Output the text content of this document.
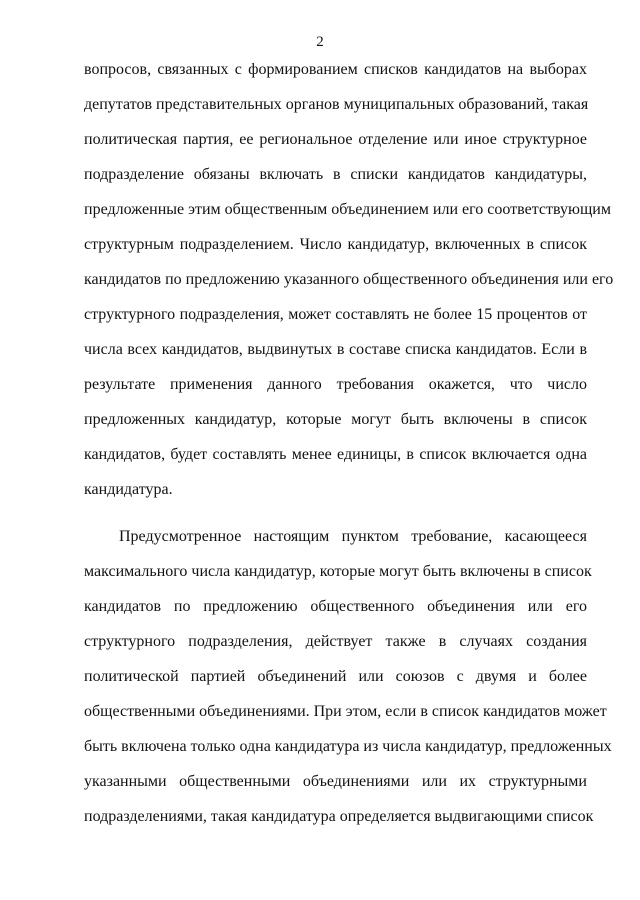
2
вопросов, связанных с формированием списков кандидатов на выборах
депутатов представительных органов муниципальных образований, такая
политическая партия, ее региональное отделение или иное структурное
подразделение обязаны включать в списки кандидатов кандидатуры,
предложенные этим общественным объединением или его соответствующим
структурным подразделением. Число кандидатур, включенных в список
кандидатов по предложению указанного общественного объединения или его
структурного подразделения, может составлять не более 15 процентов от
числа всех кандидатов, выдвинутых в составе списка кандидатов. Если в
результате применения данного требования окажется, что число
предложенных кандидатур, которые могут быть включены в список
кандидатов, будет составлять менее единицы, в список включается одна
кандидатура.
Предусмотренное настоящим пунктом требование, касающееся
максимального числа кандидатур, которые могут быть включены в список
кандидатов по предложению общественного объединения или его
структурного подразделения, действует также в случаях создания
политической партией объединений или союзов с двумя и более
общественными объединениями. При этом, если в список кандидатов может
быть включена только одна кандидатура из числа кандидатур, предложенных
указанными общественными объединениями или их структурными
подразделениями, такая кандидатура определяется выдвигающими список
